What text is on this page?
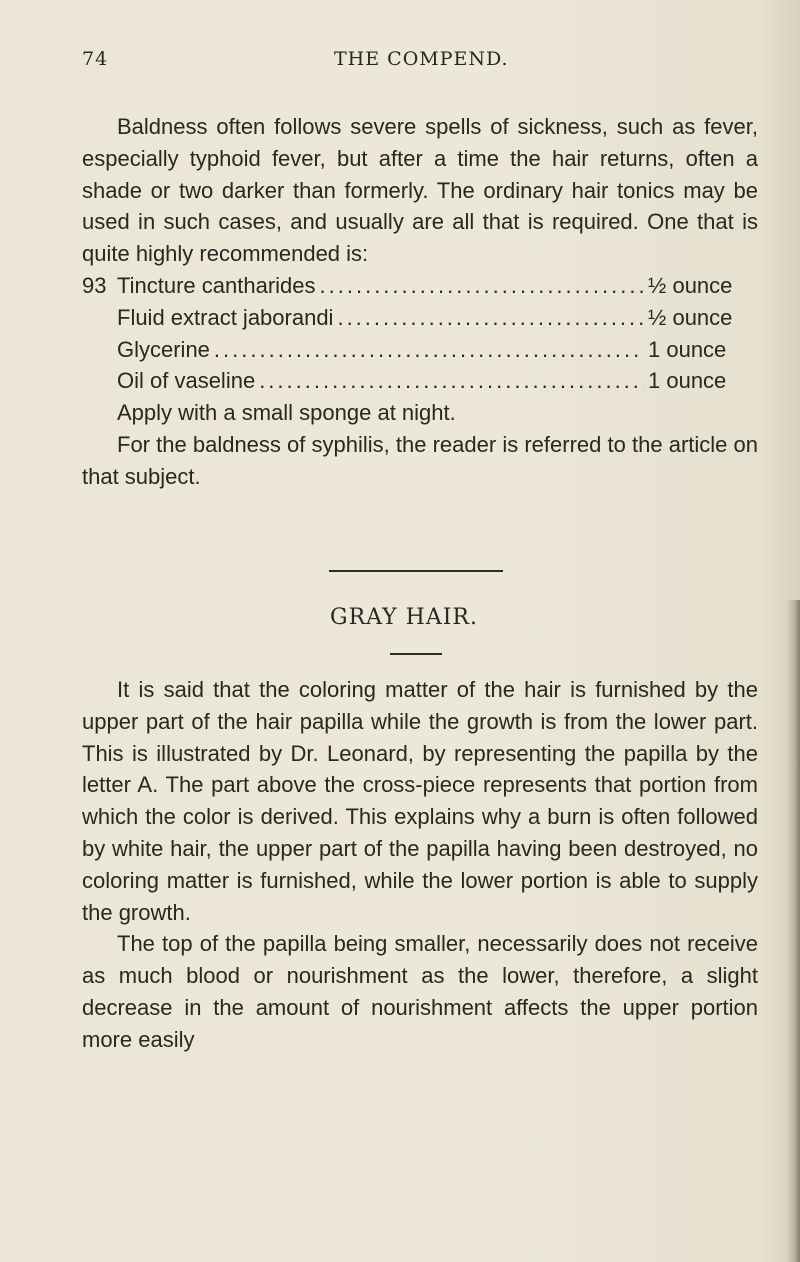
74	THE COMPEND.

Baldness often follows severe spells of sickness, such as fever, especially typhoid fever, but after a time the hair returns, often a shade or two darker than formerly. The ordinary hair tonics may be used in such cases, and usually are all that is required. One that is quite highly recommended is:

93 Tincture cantharides .....	½ ounce
Fluid extract jaborandi .....	½ ounce
Glycerine .....	1 ounce
Oil of vaseline .....	1 ounce

Apply with a small sponge at night.

For the baldness of syphilis, the reader is referred to the article on that subject.

GRAY HAIR.

It is said that the coloring matter of the hair is furnished by the upper part of the hair papilla while the growth is from the lower part. This is illustrated by Dr. Leonard, by representing the papilla by the letter A. The part above the cross-piece represents that portion from which the color is derived. This explains why a burn is often followed by white hair, the upper part of the papilla having been destroyed, no coloring matter is furnished, while the lower portion is able to supply the growth.

The top of the papilla being smaller, necessarily does not receive as much blood or nourishment as the lower, therefore, a slight decrease in the amount of nourishment affects the upper portion more easily
